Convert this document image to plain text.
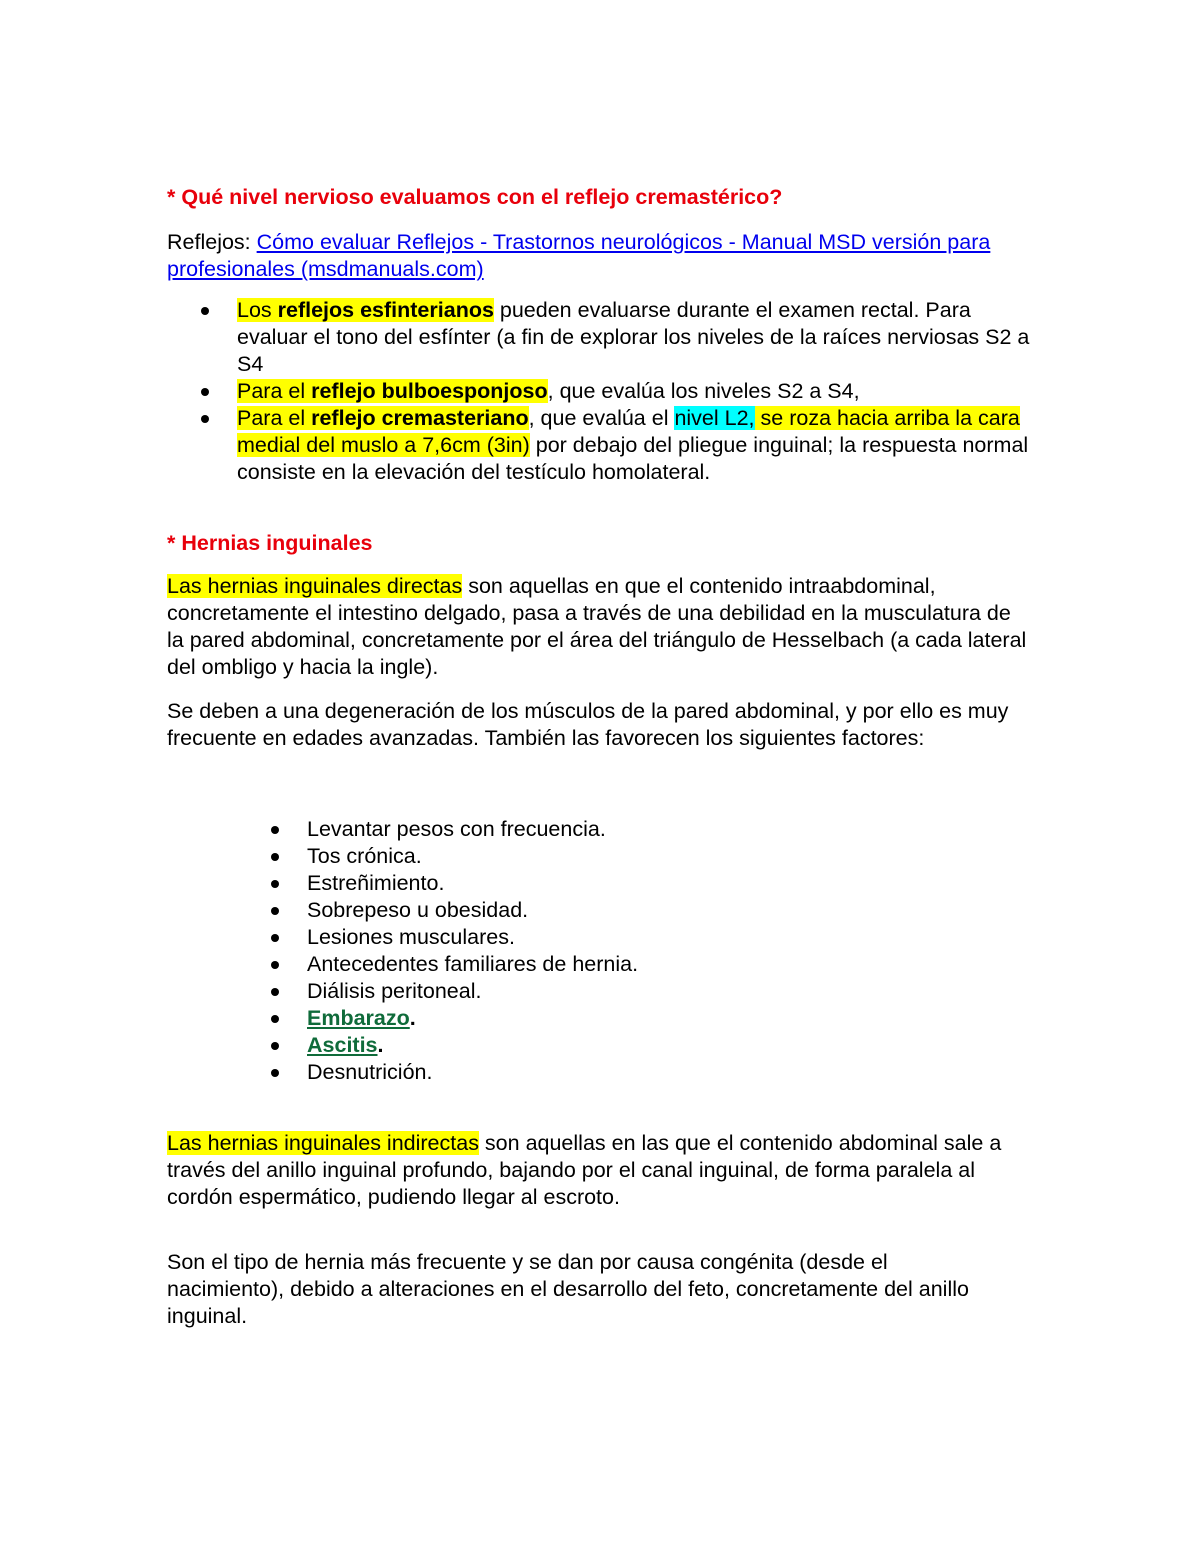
* Qué nivel nervioso evaluamos con el reflejo cremastérico?
Reflejos: Cómo evaluar Reflejos - Trastornos neurológicos - Manual MSD versión para profesionales (msdmanuals.com)
Los reflejos esfinterianos pueden evaluarse durante el examen rectal. Para evaluar el tono del esfínter (a fin de explorar los niveles de la raíces nerviosas S2 a S4
Para el reflejo bulboesponjoso, que evalúa los niveles S2 a S4,
Para el reflejo cremasteriano, que evalúa el nivel L2, se roza hacia arriba la cara medial del muslo a 7,6cm (3in) por debajo del pliegue inguinal; la respuesta normal consiste en la elevación del testículo homolateral.
* Hernias inguinales
Las hernias inguinales directas son aquellas en que el contenido intraabdominal, concretamente el intestino delgado, pasa a través de una debilidad en la musculatura de la pared abdominal, concretamente por el área del triángulo de Hesselbach (a cada lateral del ombligo y hacia la ingle).
Se deben a una degeneración de los músculos de la pared abdominal, y por ello es muy frecuente en edades avanzadas. También las favorecen los siguientes factores:
Levantar pesos con frecuencia.
Tos crónica.
Estreñimiento.
Sobrepeso u obesidad.
Lesiones musculares.
Antecedentes familiares de hernia.
Diálisis peritoneal.
Embarazo.
Ascitis.
Desnutrición.
Las hernias inguinales indirectas son aquellas en las que el contenido abdominal sale a través del anillo inguinal profundo, bajando por el canal inguinal, de forma paralela al cordón espermático, pudiendo llegar al escroto.
Son el tipo de hernia más frecuente y se dan por causa congénita (desde el nacimiento), debido a alteraciones en el desarrollo del feto, concretamente del anillo inguinal.
